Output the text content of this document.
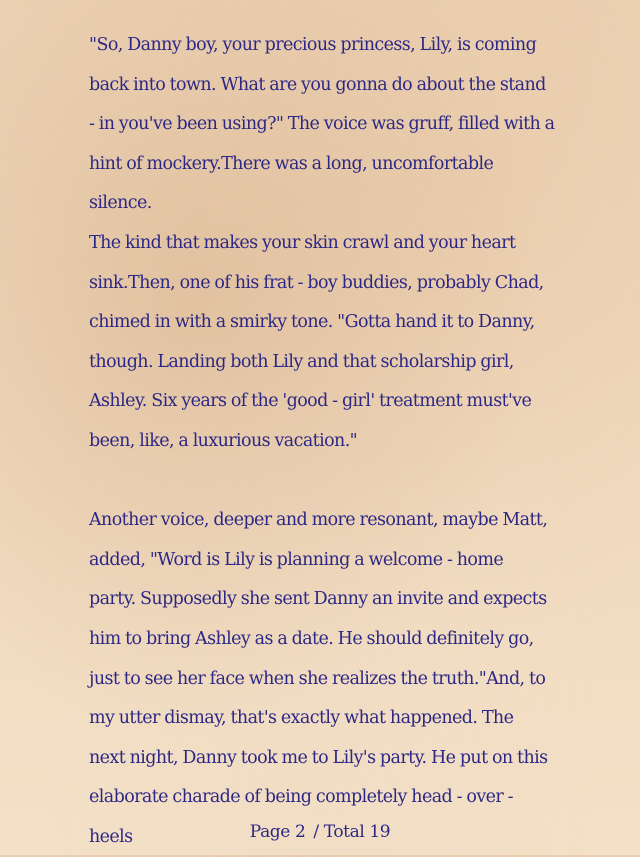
"So, Danny boy, your precious princess, Lily, is coming
back into town. What are you gonna do about the stand
- in you've been using?" The voice was gruff, filled with a
hint of mockery.There was a long, uncomfortable silence.
The kind that makes your skin crawl and your heart
sink.Then, one of his frat - boy buddies, probably Chad,
chimed in with a smirky tone. "Gotta hand it to Danny,
though. Landing both Lily and that scholarship girl,
Ashley. Six years of the 'good - girl' treatment must've
been, like, a luxurious vacation."

Another voice, deeper and more resonant, maybe Matt,
added, "Word is Lily is planning a welcome - home
party. Supposedly she sent Danny an invite and expects
him to bring Ashley as a date. He should definitely go,
just to see her face when she realizes the truth."And, to
my utter dismay, that's exactly what happened. The
next night, Danny took me to Lily's party. He put on this
elaborate charade of being completely head - over - heels	Page 2 / Total 19
